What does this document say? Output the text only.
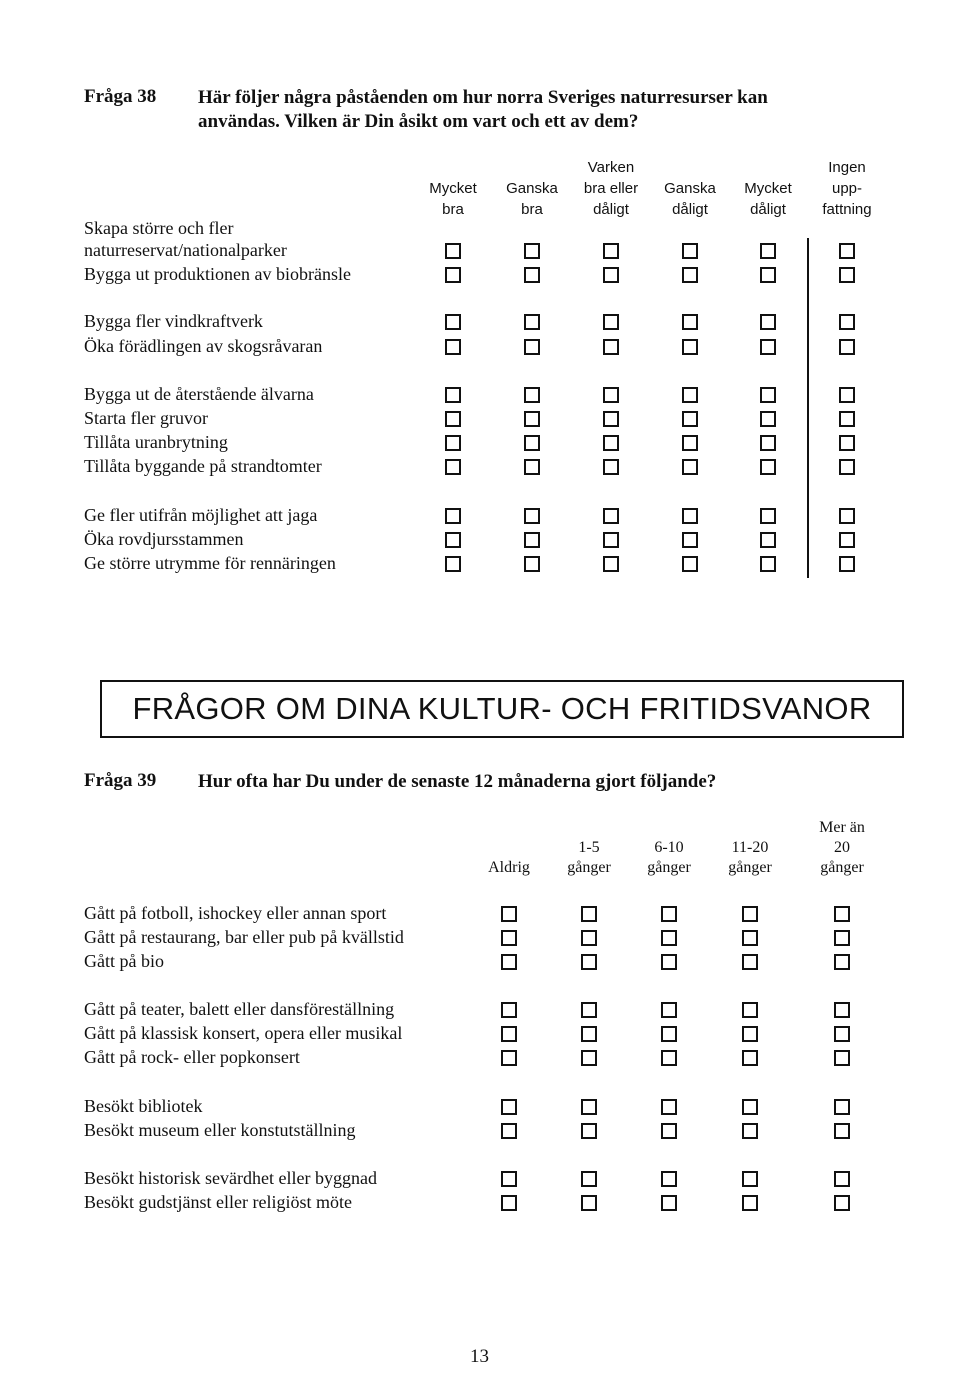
Fråga 38 Här följer några påståenden om hur norra Sveriges naturresurser kan
användas. Vilken är Din åsikt om vart och ett av dem?
Mycket
bra
Ganska
bra
Varken
bra eller
dåligt
Ganska
dåligt
Mycket
dåligt
Ingen
upp-
fattning
Skapa större och fler
naturreservat/nationalparker
Bygga ut produktionen av biobränsle
Bygga fler vindkraftverk
Öka förädlingen av skogsråvaran
Bygga ut de återstående älvarna
Starta fler gruvor
Tillåta uranbrytning
Tillåta byggande på strandtomter
Ge fler utifrån möjlighet att jaga
Öka rovdjursstammen
Ge större utrymme för rennäringen
FRÅGOR OM DINA KULTUR- OCH FRITIDSVANOR
Fråga 39 Hur ofta har Du under de senaste 12 månaderna gjort följande?
Aldrig
1-5
gånger
6-10
gånger
11-20
gånger
Mer än
20
gånger
Gått på fotboll, ishockey eller annan sport
Gått på restaurang, bar eller pub på kvällstid
Gått på bio
Gått på teater, balett eller dansföreställning
Gått på klassisk konsert, opera eller musikal
Gått på rock- eller popkonsert
Besökt bibliotek
Besökt museum eller konstutställning
Besökt historisk sevärdhet eller byggnad
Besökt gudstjänst eller religiöst möte
13
